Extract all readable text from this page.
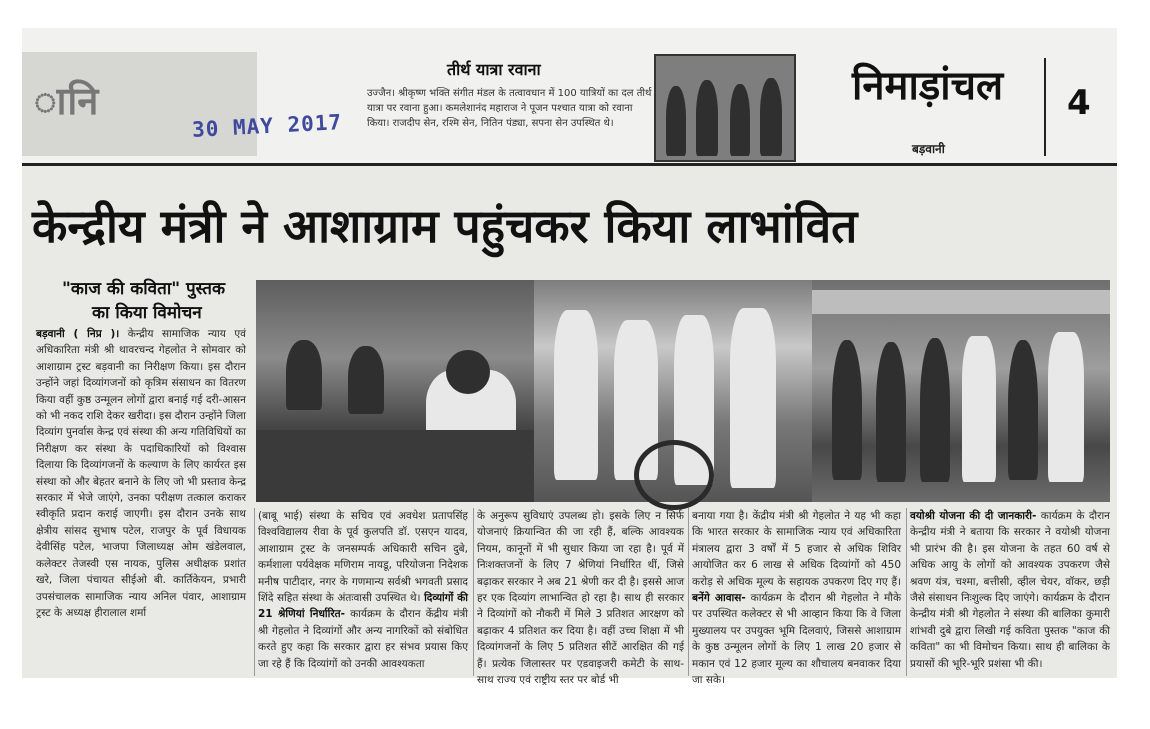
ानि
30 MAY 2017
तीर्थ यात्रा रवाना
उज्जैन। श्रीकृष्ण भक्ति संगीत मंडल के तत्वावधान में 100 यात्रियों का दल तीर्थ यात्रा पर रवाना हुआ। कमलेशानंद महाराज ने पूजन पश्चात यात्रा को रवाना किया। राजदीप सेन, रश्मि सेन, नितिन पंड्या, सपना सेन उपस्थित थे।
निमाड़ांचल
बड़वानी
4
केन्द्रीय मंत्री ने आशाग्राम पहुंचकर किया लाभांवित
"काज की कविता" पुस्तक
का किया विमोचन
बड़वानी ( निप्र )। केन्द्रीय सामाजिक न्याय एवं अधिकारिता मंत्री श्री थावरचन्द गेहलोत ने सोमवार को आशाग्राम ट्रस्ट बड़वानी का निरीक्षण किया। इस दौरान उन्होंने जहां दिव्यांगजनों को कृत्रिम संसाधन का वितरण किया वहीं कुष्ठ उन्मूलन लोगों द्वारा बनाई गई दरी-आसन को भी नकद राशि देकर खरीदा। इस दौरान उन्होंने जिला दिव्यांग पुनर्वास केन्द्र एवं संस्था की अन्य गतिविधियों का निरीक्षण कर संस्था के पदाधिकारियों को विश्वास दिलाया कि दिव्यांगजनों के कल्याण के लिए कार्यरत इस संस्था को और बेहतर बनाने के लिए जो भी प्रस्ताव केन्द्र सरकार में भेजे जाएंगे, उनका परीक्षण तत्काल कराकर स्वीकृति प्रदान कराई जाएगी। इस दौरान उनके साथ क्षेत्रीय सांसद सुभाष पटेल, राजपुर के पूर्व विधायक देवीसिंह पटेल, भाजपा जिलाध्यक्ष ओम खंडेलवाल, कलेक्टर तेजस्वी एस नायक, पुलिस अधीक्षक प्रशांत खरे, जिला पंचायत सीईओ बी. कार्तिकेयन, प्रभारी उपसंचालक सामाजिक न्याय अनिल पंवार, आशाग्राम ट्रस्ट के अध्यक्ष हीरालाल शर्मा
(बाबू भाई) संस्था के सचिव एवं अवधेश प्रतापसिंह विश्वविद्यालय रीवा के पूर्व कुलपति डॉ. एसएन यादव, आशाग्राम ट्रस्ट के जनसम्पर्क अधिकारी सचिन दुबे, कर्मशाला पर्यवेक्षक मणिराम नायडू, परियोजना निदेशक मनीष पाटीदार, नगर के गणमान्य सर्वश्री भगवती प्रसाद शिंदे सहित संस्था के अंतःवासी उपस्थित थे। दिव्यांगों की 21 श्रेणियां निर्धारित- कार्यक्रम के दौरान केंद्रीय मंत्री श्री गेहलोत ने दिव्यांगों और अन्य नागरिकों को संबोधित करते हुए कहा कि सरकार द्वारा हर संभव प्रयास किए जा रहे हैं कि दिव्यांगों को उनकी आवश्यकता
के अनुरूप सुविधाएं उपलब्ध हो। इसके लिए न सिर्फ योजनाएं क्रियान्वित की जा रही हैं, बल्कि आवश्यक नियम, कानूनों में भी सुधार किया जा रहा है। पूर्व में निःशक्तजनों के लिए 7 श्रेणियां निर्धारित थीं, जिसे बढ़ाकर सरकार ने अब 21 श्रेणी कर दी है। इससे आज हर एक दिव्यांग लाभान्वित हो रहा है। साथ ही सरकार ने दिव्यांगों को नौकरी में मिले 3 प्रतिशत आरक्षण को बढ़ाकर 4 प्रतिशत कर दिया है। वहीं उच्च शिक्षा में भी दिव्यांगजनों के लिए 5 प्रतिशत सीटें आरक्षित की गई हैं। प्रत्येक जिलास्तर पर एडवाइजरी कमेटी के साथ-साथ राज्य एवं राष्ट्रीय स्तर पर बोर्ड भी
बनाया गया है। केंद्रीय मंत्री श्री गेहलोत ने यह भी कहा कि भारत सरकार के सामाजिक न्याय एवं अधिकारिता मंत्रालय द्वारा 3 वर्षों में 5 हजार से अधिक शिविर आयोजित कर 6 लाख से अधिक दिव्यांगों को 450 करोड़ से अधिक मूल्य के सहायक उपकरण दिए गए हैं। बनेंगे आवास- कार्यक्रम के दौरान श्री गेहलोत ने मौके पर उपस्थित कलेक्टर से भी आव्हान किया कि वे जिला मुख्यालय पर उपयुक्त भूमि दिलवाएं, जिससे आशाग्राम के कुष्ठ उन्मूलन लोगों के लिए 1 लाख 20 हजार से मकान एवं 12 हजार मूल्य का शौचालय बनवाकर दिया जा सके।
वयोश्री योजना की दी जानकारी- कार्यक्रम के दौरान केन्द्रीय मंत्री ने बताया कि सरकार ने वयोश्री योजना भी प्रारंभ की है। इस योजना के तहत 60 वर्ष से अधिक आयु के लोगों को आवश्यक उपकरण जैसे श्रवण यंत्र, चश्मा, बत्तीसी, व्हील चेयर, वॉकर, छड़ी जैसे संसाधन निःशुल्क दिए जाएंगे। कार्यक्रम के दौरान केन्द्रीय मंत्री श्री गेहलोत ने संस्था की बालिका कुमारी शांभवी दुबे द्वारा लिखी गई कविता पुस्तक "काज की कविता" का भी विमोचन किया। साथ ही बालिका के प्रयासों की भूरि-भूरि प्रशंसा भी की।
